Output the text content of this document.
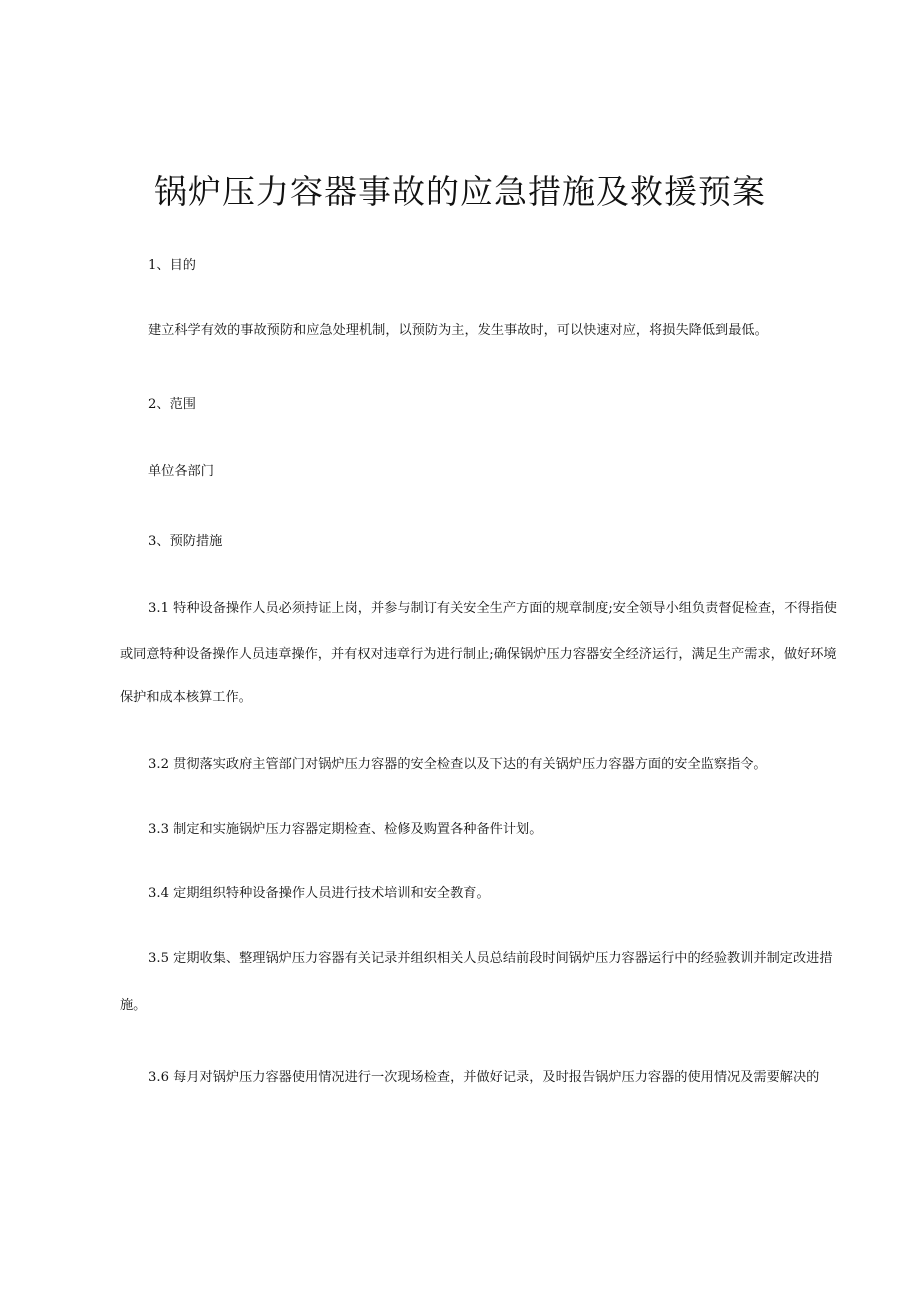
锅炉压力容器事故的应急措施及救援预案
1、目的
建立科学有效的事故预防和应急处理机制，以预防为主，发生事故时，可以快速对应，将损失降低到最低。
2、范围
单位各部门
3、预防措施
3.1 特种设备操作人员必须持证上岗，并参与制订有关安全生产方面的规章制度;安全领导小组负责督促检查，不得指使
或同意特种设备操作人员违章操作，并有权对违章行为进行制止;确保锅炉压力容器安全经济运行，满足生产需求，做好环境
保护和成本核算工作。
3.2 贯彻落实政府主管部门对锅炉压力容器的安全检查以及下达的有关锅炉压力容器方面的安全监察指令。
3.3 制定和实施锅炉压力容器定期检查、检修及购置各种备件计划。
3.4 定期组织特种设备操作人员进行技术培训和安全教育。
3.5 定期收集、整理锅炉压力容器有关记录并组织相关人员总结前段时间锅炉压力容器运行中的经验教训并制定改进措
施。
3.6 每月对锅炉压力容器使用情况进行一次现场检查，并做好记录，及时报告锅炉压力容器的使用情况及需要解决的
